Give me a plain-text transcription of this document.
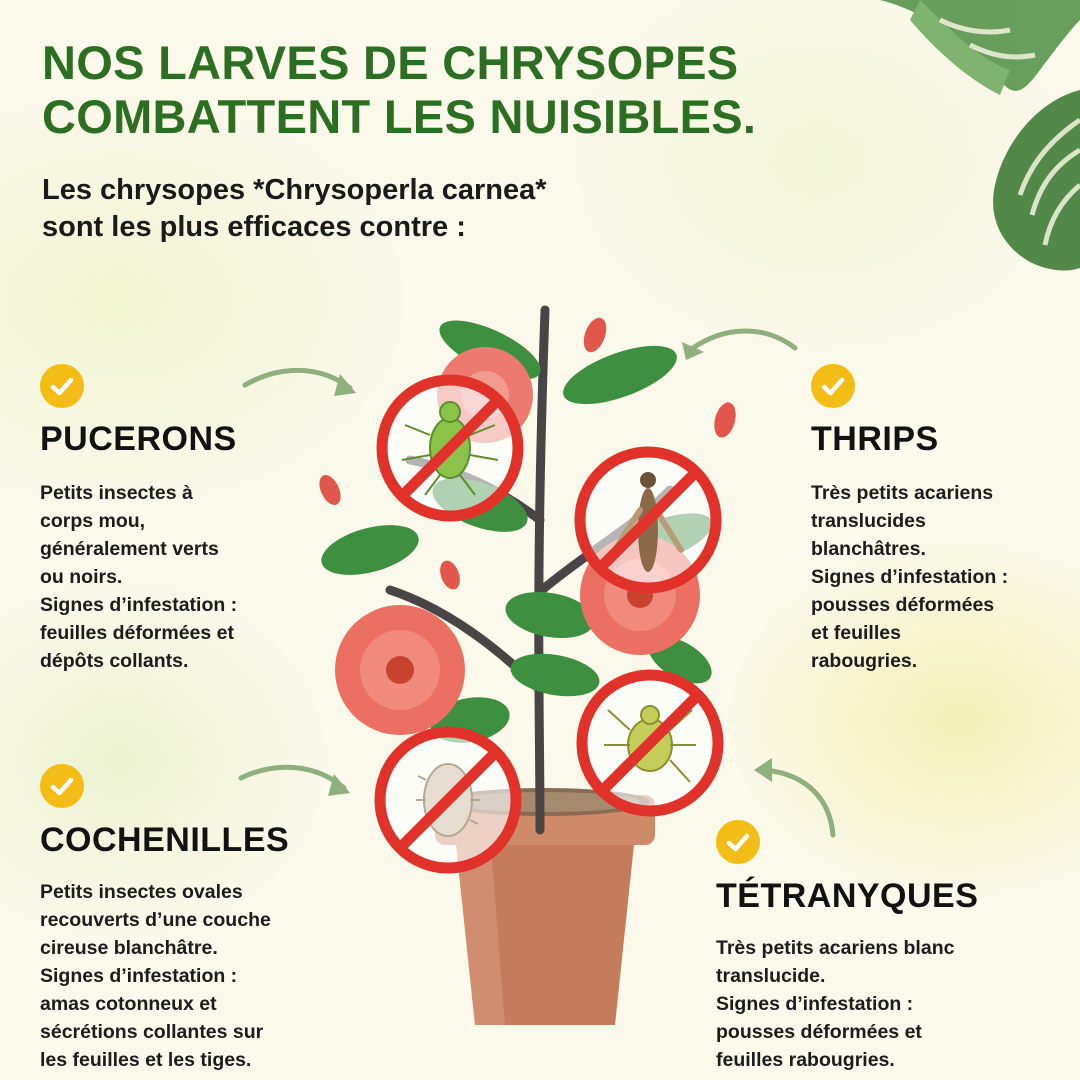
NOS LARVES DE CHRYSOPES
COMBATTENT LES NUISIBLES.

Les chrysopes *Chrysoperla carnea*
sont les plus efficaces contre :

PUCERONS

Petits insectes à
corps mou,
généralement verts
ou noirs.
Signes d’infestation :
feuilles déformées et
dépôts collants.

THRIPS

Très petits acariens
translucides
blanchâtres.
Signes d’infestation :
pousses déformées
et feuilles
rabougries.

COCHENILLES

Petits insectes ovales
recouverts d’une couche
cireuse blanchâtre.
Signes d’infestation :
amas cotonneux et
sécrétions collantes sur
les feuilles et les tiges.

TÉTRANYQUES

Très petits acariens blanc
translucide.
Signes d’infestation :
pousses déformées et
feuilles rabougries.
